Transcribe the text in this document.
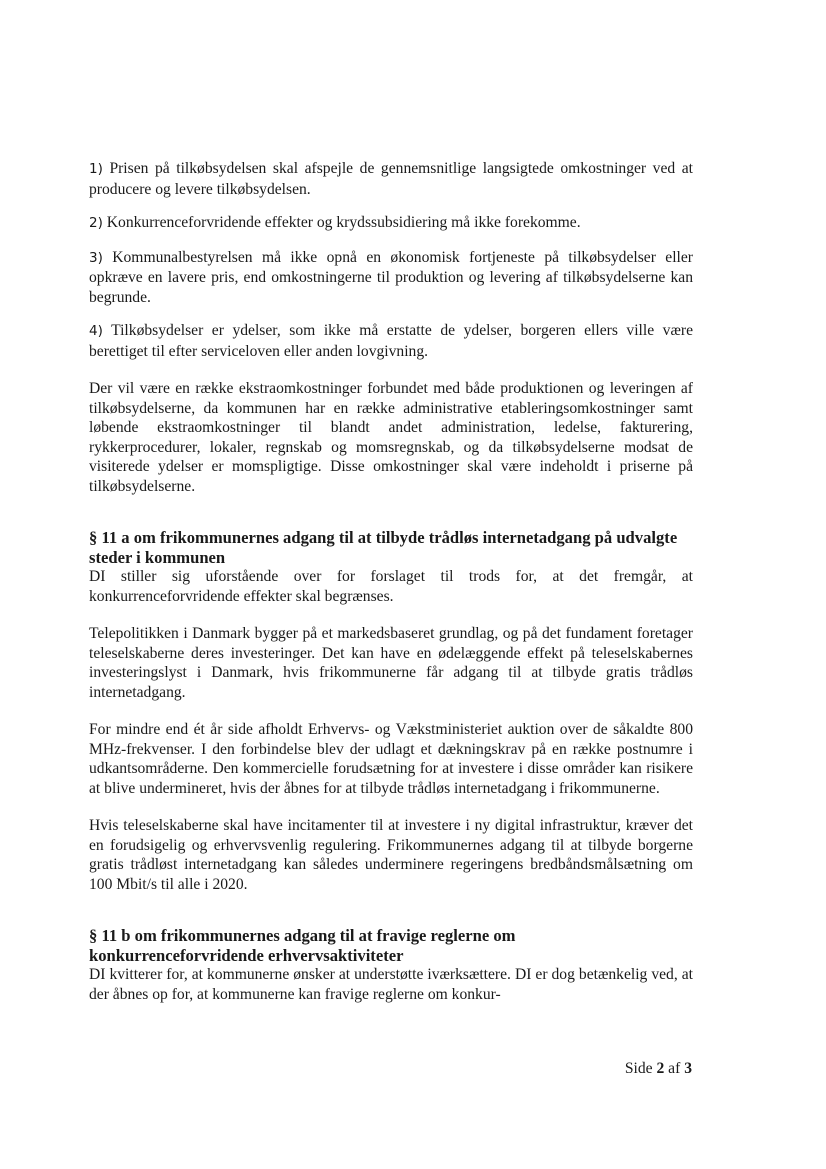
1) Prisen på tilkøbsydelsen skal afspejle de gennemsnitlige langsigtede omkostninger ved at producere og levere tilkøbsydelsen.

2) Konkurrenceforvridende effekter og krydssubsidiering må ikke forekomme.

3) Kommunalbestyrelsen må ikke opnå en økonomisk fortjeneste på tilkøbsydelser eller opkræve en lavere pris, end omkostningerne til produktion og levering af tilkøbsydelserne kan begrunde.

4) Tilkøbsydelser er ydelser, som ikke må erstatte de ydelser, borgeren ellers ville være berettiget til efter serviceloven eller anden lovgivning.

Der vil være en række ekstraomkostninger forbundet med både produktionen og leveringen af tilkøbsydelserne, da kommunen har en række administrative etableringsomkostninger samt løbende ekstraomkostninger til blandt andet administration, ledelse, fakturering, rykkerprocedurer, lokaler, regnskab og momsregnskab, og da tilkøbsydelserne modsat de visiterede ydelser er momspligtige. Disse omkostninger skal være indeholdt i priserne på tilkøbsydelserne.

§ 11 a om frikommunernes adgang til at tilbyde trådløs internetadgang på udvalgte steder i kommunen

DI stiller sig uforstående over for forslaget til trods for, at det fremgår, at konkurrenceforvridende effekter skal begrænses.

Telepolitikken i Danmark bygger på et markedsbaseret grundlag, og på det fundament foretager teleselskaberne deres investeringer. Det kan have en ødelæggende effekt på teleselskabernes investeringslyst i Danmark, hvis frikommunerne får adgang til at tilbyde gratis trådløs internetadgang.

For mindre end ét år side afholdt Erhvervs- og Vækstministeriet auktion over de såkaldte 800 MHz-frekvenser. I den forbindelse blev der udlagt et dækningskrav på en række postnumre i udkantsområderne. Den kommercielle forudsætning for at investere i disse områder kan risikere at blive undermineret, hvis der åbnes for at tilbyde trådløs internetadgang i frikommunerne.

Hvis teleselskaberne skal have incitamenter til at investere i ny digital infrastruktur, kræver det en forudsigelig og erhvervsvenlig regulering. Frikommunernes adgang til at tilbyde borgerne gratis trådløst internetadgang kan således underminere regeringens bredbåndsmålsætning om 100 Mbit/s til alle i 2020.

§ 11 b om frikommunernes adgang til at fravige reglerne om konkurrenceforvridende erhvervsaktiviteter

DI kvitterer for, at kommunerne ønsker at understøtte iværksættere. DI er dog betænkelig ved, at der åbnes op for, at kommunerne kan fravige reglerne om konkur-

Side 2 af 3
